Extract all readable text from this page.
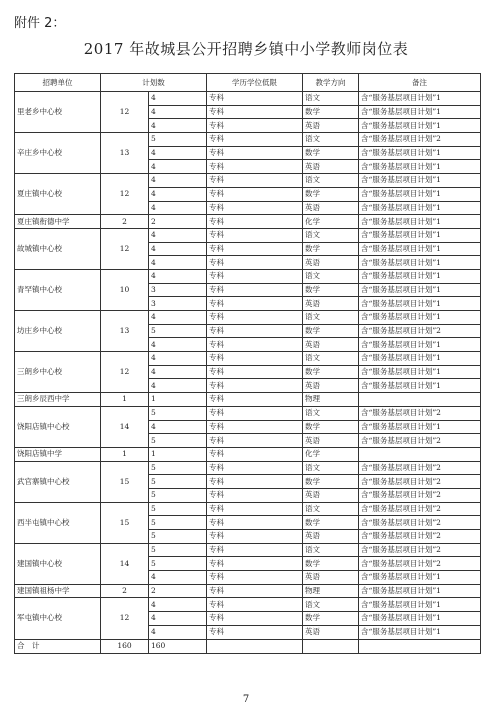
附件 2：
2017 年故城县公开招聘乡镇中小学教师岗位表
招聘单位	计划数		学历学位低限	教学方向	备注
里老乡中心校	12	4	专科	语文	含“服务基层项目计划”1
		4	专科	数学	含“服务基层项目计划”1
		4	专科	英语	含“服务基层项目计划”1
辛庄乡中心校	13	5	专科	语文	含“服务基层项目计划”2
		4	专科	数学	含“服务基层项目计划”1
		4	专科	英语	含“服务基层项目计划”1
夏庄镇中心校	12	4	专科	语文	含“服务基层项目计划”1
		4	专科	数学	含“服务基层项目计划”1
		4	专科	英语	含“服务基层项目计划”1
夏庄镇衔德中学	2	2	专科	化学	含“服务基层项目计划”1
故城镇中心校	12	4	专科	语文	含“服务基层项目计划”1
		4	专科	数学	含“服务基层项目计划”1
		4	专科	英语	含“服务基层项目计划”1
青罕镇中心校	10	4	专科	语文	含“服务基层项目计划”1
		3	专科	数学	含“服务基层项目计划”1
		3	专科	英语	含“服务基层项目计划”1
坊庄乡中心校	13	4	专科	语文	含“服务基层项目计划”1
		5	专科	数学	含“服务基层项目计划”2
		4	专科	英语	含“服务基层项目计划”1
三朗乡中心校	12	4	专科	语文	含“服务基层项目计划”1
		4	专科	数学	含“服务基层项目计划”1
		4	专科	英语	含“服务基层项目计划”1
三朗乡辰西中学	1	1	专科	物理	
饶阳店镇中心校	14	5	专科	语文	含“服务基层项目计划”2
		4	专科	数学	含“服务基层项目计划”1
		5	专科	英语	含“服务基层项目计划”2
饶阳店镇中学	1	1	专科	化学	
武官寨镇中心校	15	5	专科	语文	含“服务基层项目计划”2
		5	专科	数学	含“服务基层项目计划”2
		5	专科	英语	含“服务基层项目计划”2
西半屯镇中心校	15	5	专科	语文	含“服务基层项目计划”2
		5	专科	数学	含“服务基层项目计划”2
		5	专科	英语	含“服务基层项目计划”2
建国镇中心校	14	5	专科	语文	含“服务基层项目计划”2
		5	专科	数学	含“服务基层项目计划”2
		4	专科	英语	含“服务基层项目计划”1
建国镇祖杨中学	2	2	专科	物理	含“服务基层项目计划”1
军屯镇中心校	12	4	专科	语文	含“服务基层项目计划”1
		4	专科	数学	含“服务基层项目计划”1
		4	专科	英语	含“服务基层项目计划”1
合　计	160	160			
7
